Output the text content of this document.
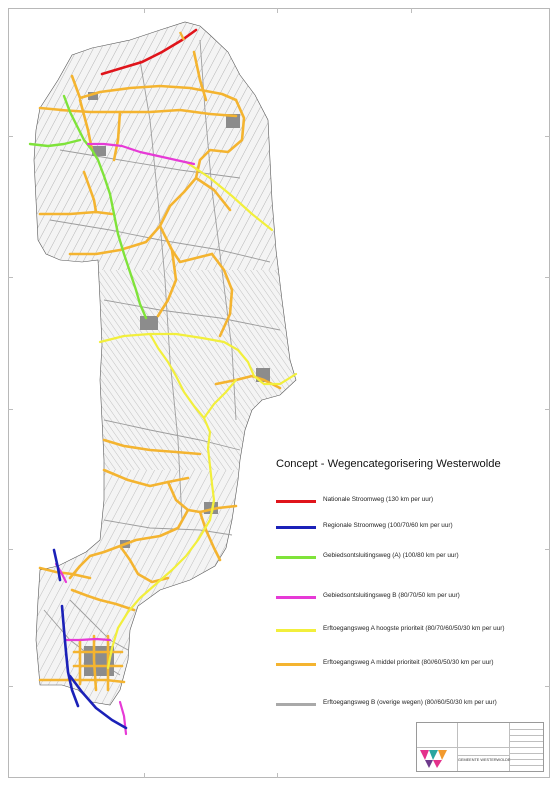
Concept - Wegencategorisering Westerwolde
Nationale Stroomweg (130 km per uur)
Regionale Stroomweg (100/70/60 km per uur)
Gebiedsontsluitingsweg (A) (100/80 km per uur)
Gebiedsontsluitingsweg B (80/70/50 km per uur)
Erftoegangsweg A hoogste prioriteit (80/70/60/50/30 km per uur)
Erftoegangsweg A middel prioriteit (80//60/50/30 km per uur)
Erftoegangsweg B (overige wegen) (80//60/50/30 km per uur)
GEMEENTE WESTERWOLDE
